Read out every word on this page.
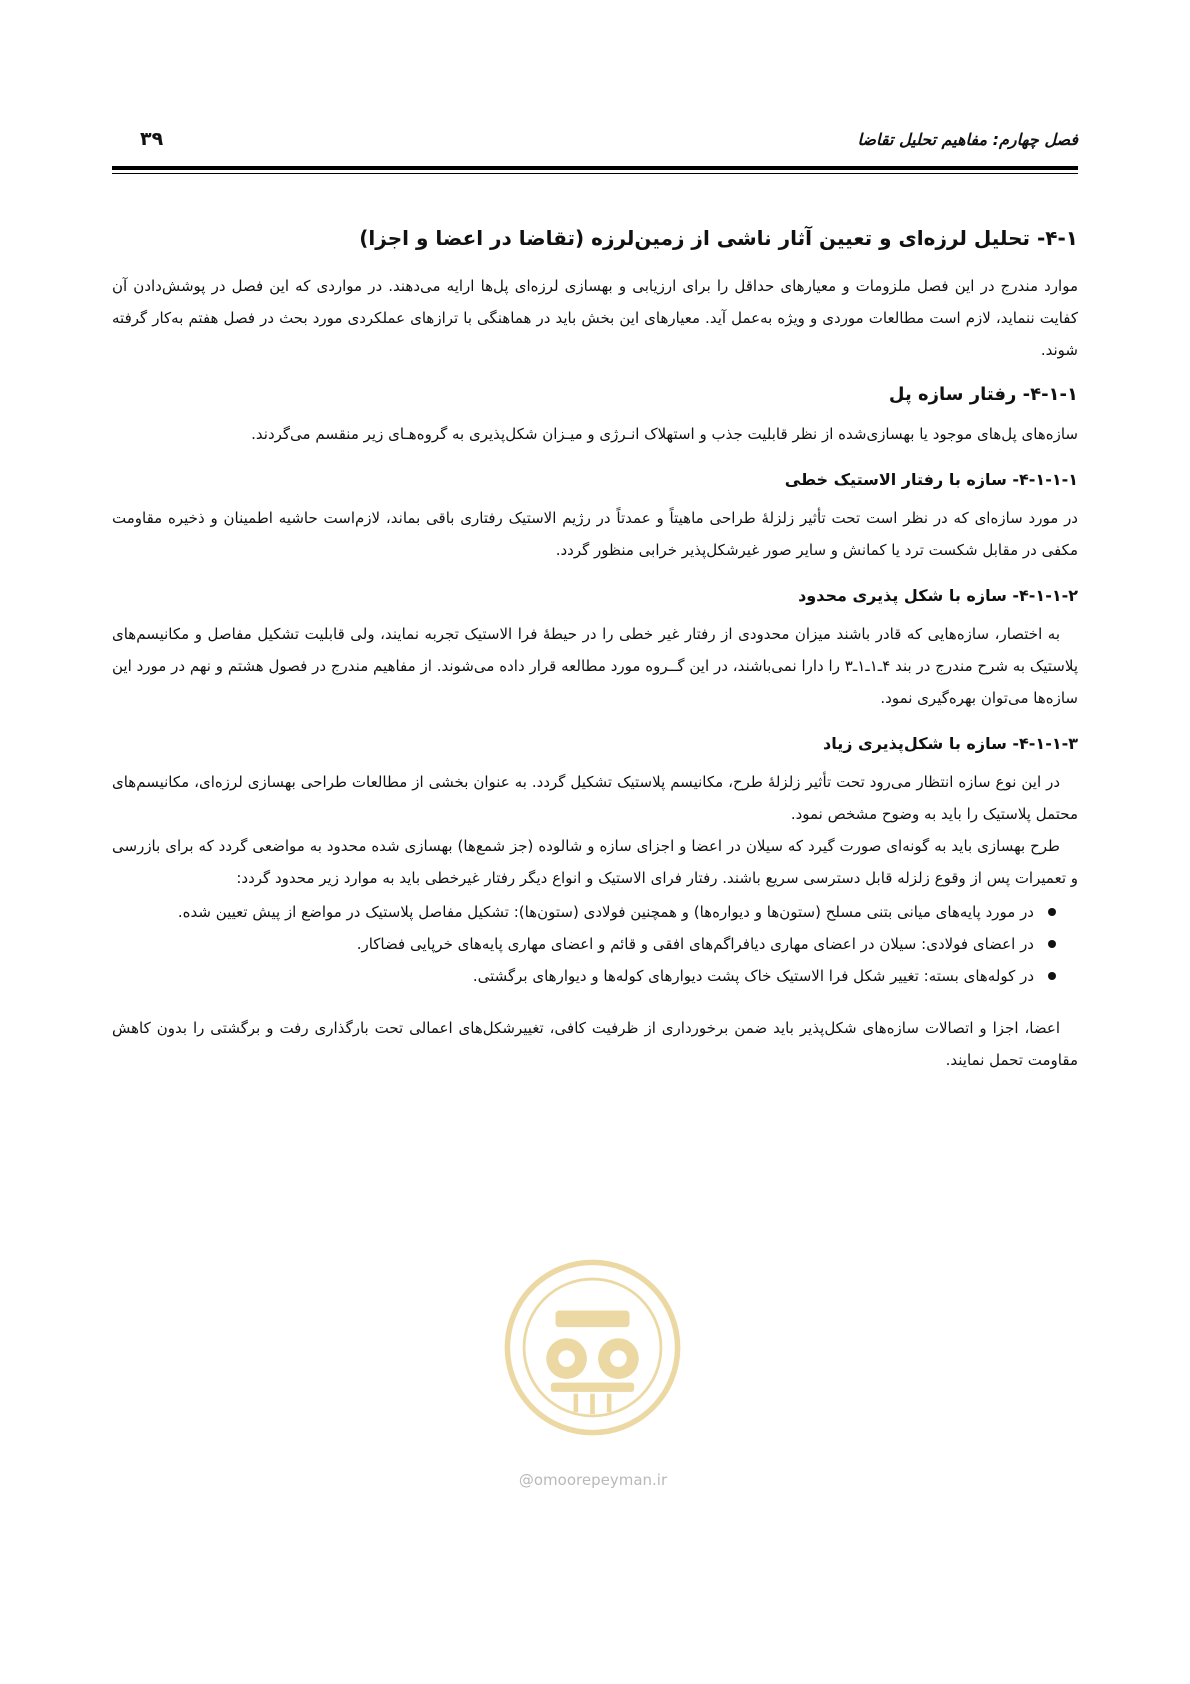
فصل چهارم: مفاهیم تحلیل تقاضا
۳۹
۴-۱- تحلیل لرزه‌ای و تعیین آثار ناشی از زمین‌لرزه (تقاضا در اعضا و اجزا)

موارد مندرج در این فصل ملزومات و معیارهای حداقل را برای ارزیابی و بهسازی لرزه‌ای پل‌ها ارایه می‌دهند. در مواردی که این فصل در پوشش‌دادن آن کفایت ننماید، لازم است مطالعات موردی و ویژه به‌عمل آید. معیارهای این بخش باید در هماهنگی با ترازهای عملکردی مورد بحث در فصل هفتم به‌کار گرفته شوند.

۴-۱-۱- رفتار سازه پل

سازه‌های پل‌های موجود یا بهسازی‌شده از نظر قابلیت جذب و استهلاک انـرژی و میـزان شکل‌پذیری به گروه‌هـای زیر منقسم می‌گردند.

۴-۱-۱-۱- سازه با رفتار الاستیک خطی

در مورد سازه‌ای که در نظر است تحت تأثیر زلزلهٔ طراحی ماهیتاً و عمدتاً در رژیم الاستیک رفتاری باقی بماند، لازم‌است حاشیه اطمینان و ذخیره مقاومت مکفی در مقابل شکست ترد یا کمانش و سایر صور غیرشکل‌پذیر خرابی منظور گردد.

۴-۱-۱-۲- سازه با شکل پذیری محدود

به اختصار، سازه‌هایی که قادر باشند میزان محدودی از رفتار غیر خطی را در حیطهٔ فرا الاستیک تجربه نمایند، ولی قابلیت تشکیل مفاصل و مکانیسم‌های پلاستیک به شرح مندرج در بند ۴ـ۱ـ۱ـ۳ را دارا نمی‌باشند، در این گــروه مورد مطالعه قرار داده می‌شوند. از مفاهیم مندرج در فصول هشتم و نهم در مورد این سازه‌ها می‌توان بهره‌گیری نمود.

۴-۱-۱-۳- سازه با شکل‌پذیری زیاد

در این نوع سازه انتظار می‌رود تحت تأثیر زلزلهٔ طرح، مکانیسم پلاستیک تشکیل گردد. به عنوان بخشی از مطالعات طراحی بهسازی لرزه‌ای، مکانیسم‌های محتمل پلاستیک را باید به وضوح مشخص نمود.

طرح بهسازی باید به گونه‌ای صورت گیرد که سیلان در اعضا و اجزای سازه و شالوده (جز شمع‌ها) بهسازی شده محدود به مواضعی گردد که برای بازرسی و تعمیرات پس از وقوع زلزله قابل دسترسی سریع باشند. رفتار فرای الاستیک و انواع دیگر رفتار غیرخطی باید به موارد زیر محدود گردد:

در مورد پایه‌های میانی بتنی مسلح (ستون‌ها و دیواره‌ها) و همچنین فولادی (ستون‌ها): تشکیل مفاصل پلاستیک در مواضع از پیش تعیین شده.
در اعضای فولادی: سیلان در اعضای مهاری دیافراگم‌های افقی و قائم و اعضای مهاری پایه‌های خرپایی فضاکار.
در کوله‌های بسته: تغییر شکل فرا الاستیک خاک پشت دیوارهای کوله‌ها و دیوارهای برگشتی.

اعضا، اجزا و اتصالات سازه‌های شکل‌پذیر باید ضمن برخورداری از ظرفیت کافی، تغییرشکل‌های اعمالی تحت بارگذاری رفت و برگشتی را بدون کاهش مقاومت تحمل نمایند.

@omoorepeyman.ir
